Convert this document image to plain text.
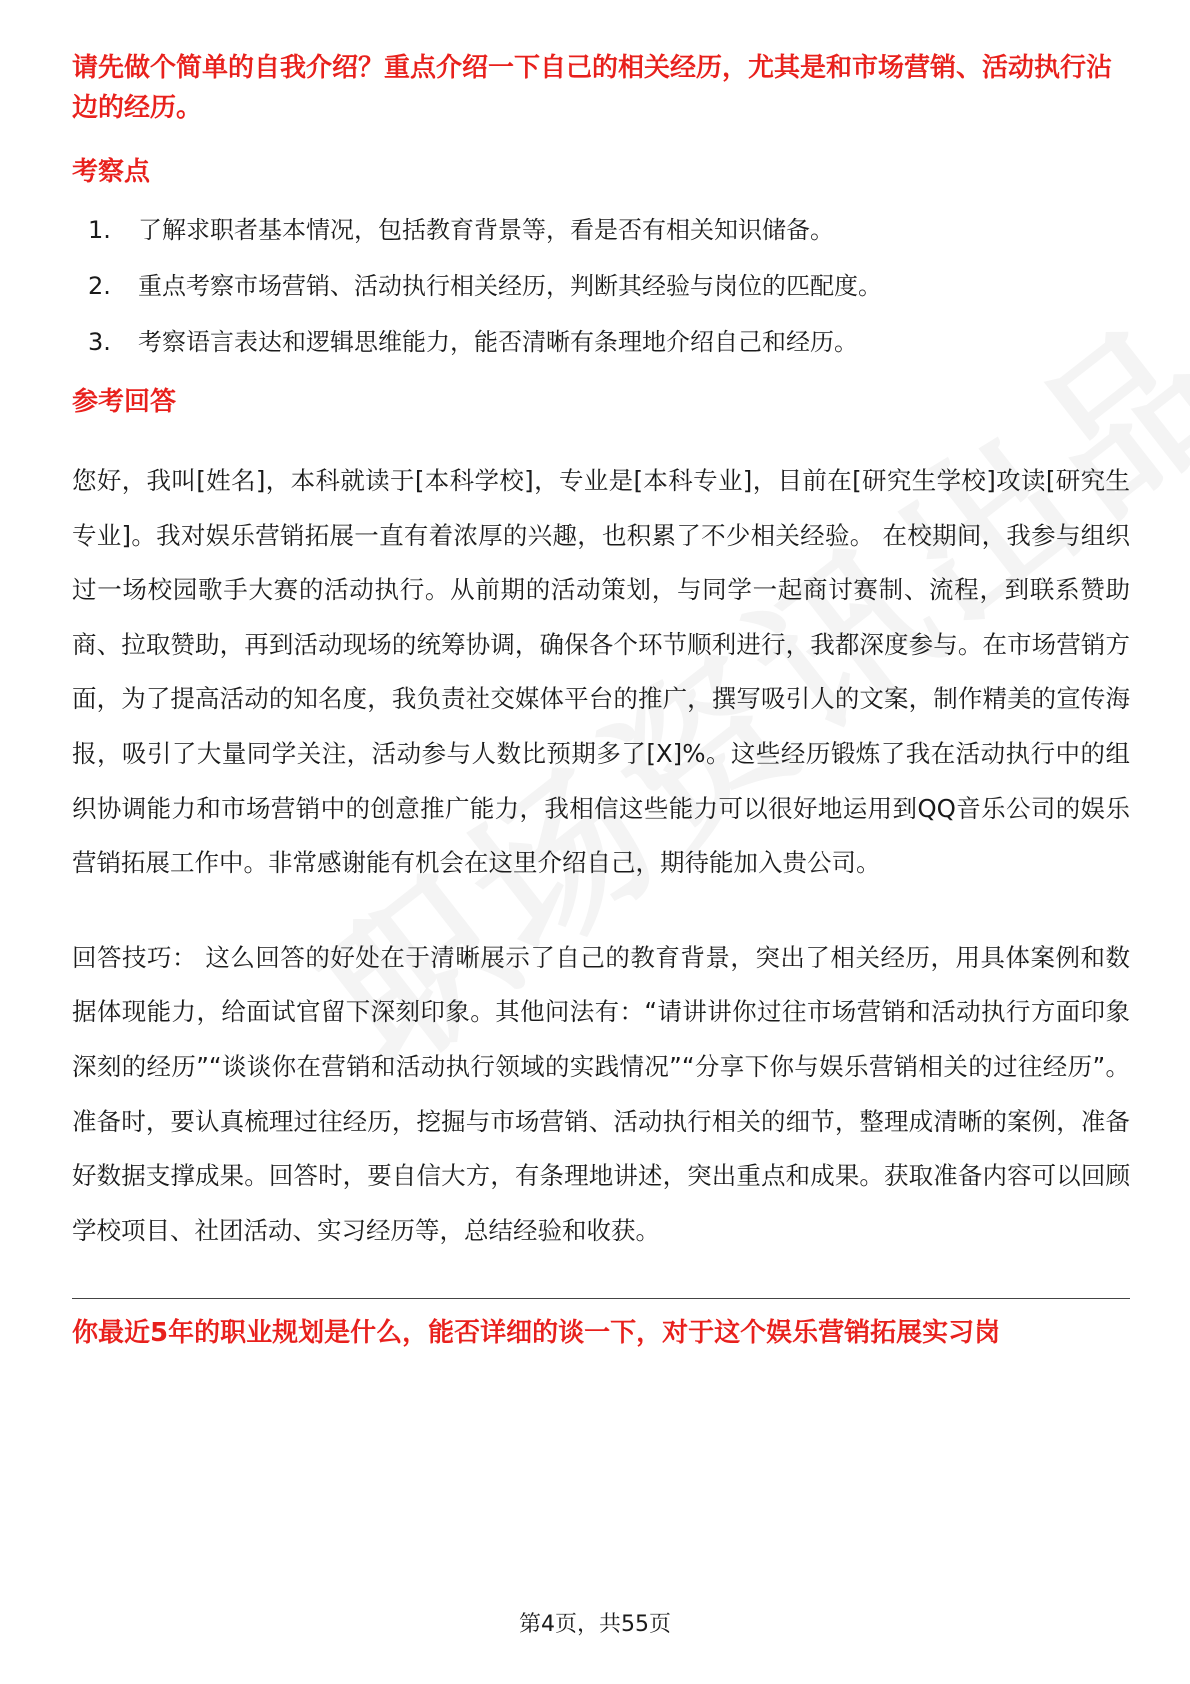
请先做个简单的自我介绍？重点介绍一下自己的相关经历，尤其是和市场营销、活动执行沾边的经历。

考察点

1.	了解求职者基本情况，包括教育背景等，看是否有相关知识储备。
2.	重点考察市场营销、活动执行相关经历，判断其经验与岗位的匹配度。
3.	考察语言表达和逻辑思维能力，能否清晰有条理地介绍自己和经历。

参考回答

您好，我叫[姓名]，本科就读于[本科学校]，专业是[本科专业]，目前在[研究生学校]攻读[研究生专业]。我对娱乐营销拓展一直有着浓厚的兴趣，也积累了不少相关经验。 在校期间，我参与组织过一场校园歌手大赛的活动执行。从前期的活动策划，与同学一起商讨赛制、流程，到联系赞助商、拉取赞助，再到活动现场的统筹协调，确保各个环节顺利进行，我都深度参与。在市场营销方面，为了提高活动的知名度，我负责社交媒体平台的推广，撰写吸引人的文案，制作精美的宣传海报，吸引了大量同学关注，活动参与人数比预期多了[X]%。这些经历锻炼了我在活动执行中的组织协调能力和市场营销中的创意推广能力，我相信这些能力可以很好地运用到QQ音乐公司的娱乐营销拓展工作中。非常感谢能有机会在这里介绍自己，期待能加入贵公司。

回答技巧： 这么回答的好处在于清晰展示了自己的教育背景，突出了相关经历，用具体案例和数据体现能力，给面试官留下深刻印象。其他问法有：“请讲讲你过往市场营销和活动执行方面印象深刻的经历”“谈谈你在营销和活动执行领域的实践情况”“分享下你与娱乐营销相关的过往经历”。准备时，要认真梳理过往经历，挖掘与市场营销、活动执行相关的细节，整理成清晰的案例，准备好数据支撑成果。回答时，要自信大方，有条理地讲述，突出重点和成果。获取准备内容可以回顾学校项目、社团活动、实习经历等，总结经验和收获。

你最近5年的职业规划是什么，能否详细的谈一下，对于这个娱乐营销拓展实习岗

第4页，共55页
